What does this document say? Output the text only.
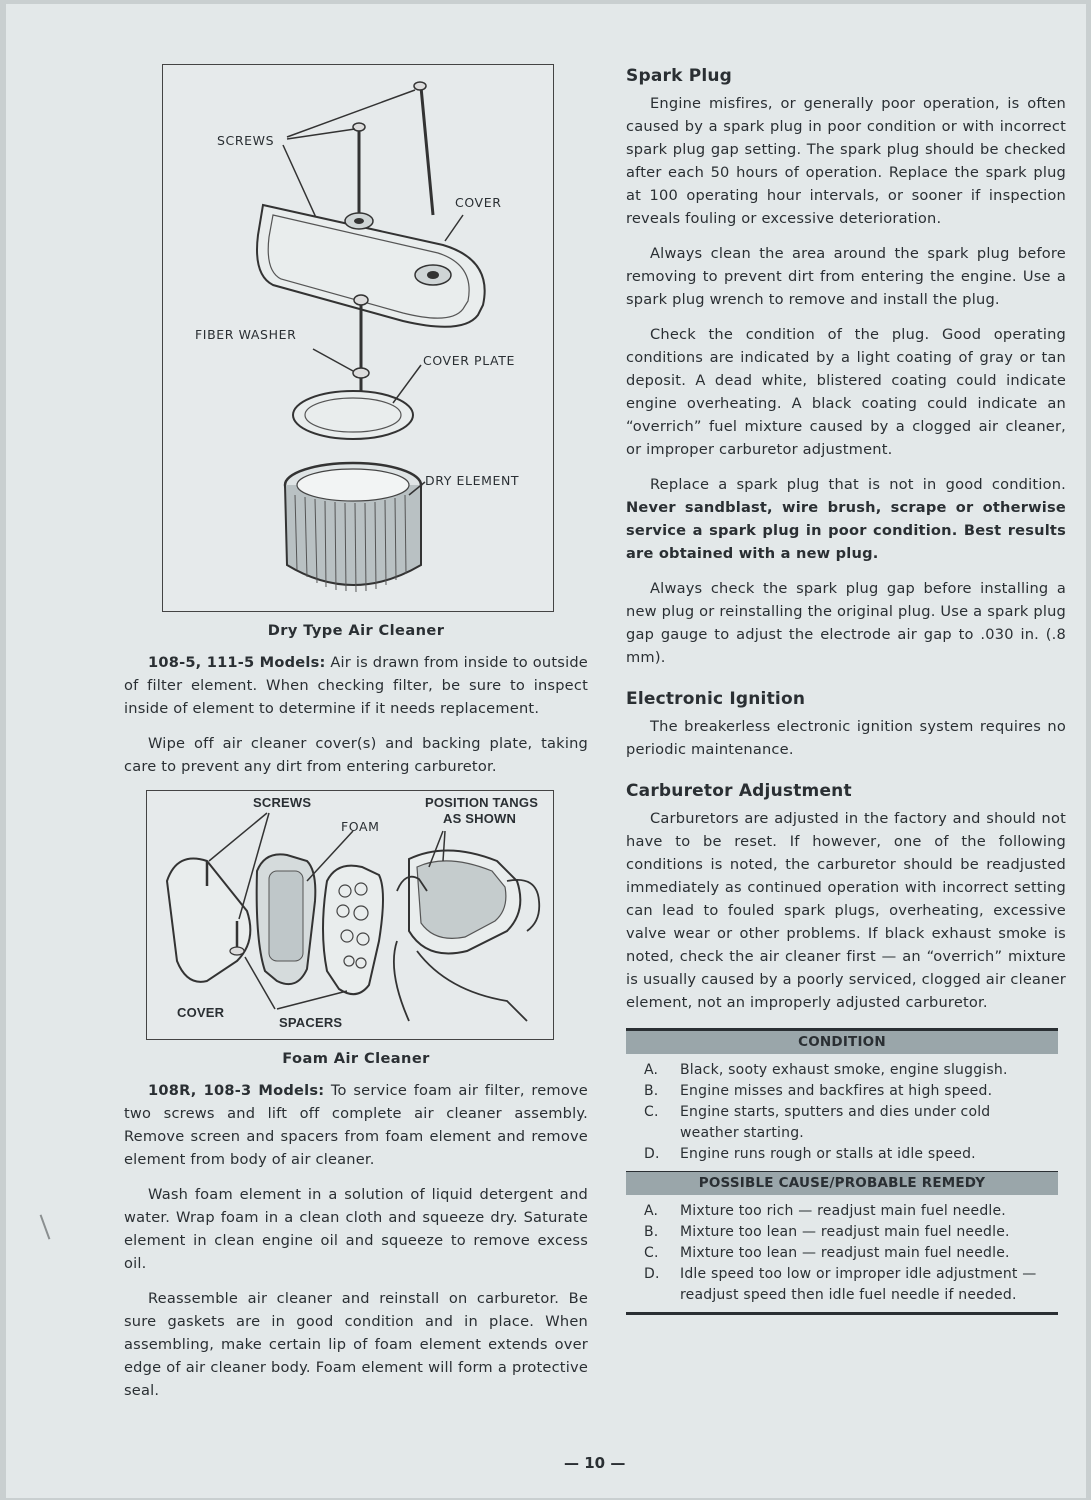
SCREWS
COVER
FIBER WASHER
COVER PLATE
DRY ELEMENT
Dry Type Air Cleaner

108-5, 111-5 Models: Air is drawn from inside to outside of filter element. When checking filter, be sure to inspect inside of element to determine if it needs replacement.

Wipe off air cleaner cover(s) and backing plate, taking care to prevent any dirt from entering carburetor.

SCREWS
FOAM
POSITION TANGS
AS SHOWN
COVER
SPACERS
Foam Air Cleaner

108R, 108-3 Models: To service foam air filter, remove two screws and lift off complete air cleaner assembly. Remove screen and spacers from foam element and remove element from body of air cleaner.

Wash foam element in a solution of liquid detergent and water. Wrap foam in a clean cloth and squeeze dry. Saturate element in clean engine oil and squeeze to remove excess oil.

Reassemble air cleaner and reinstall on carburetor. Be sure gaskets are in good condition and in place. When assembling, make certain lip of foam element extends over edge of air cleaner body. Foam element will form a protective seal.

Spark Plug

Engine misfires, or generally poor operation, is often caused by a spark plug in poor condition or with incorrect spark plug gap setting. The spark plug should be checked after each 50 hours of operation. Replace the spark plug at 100 operating hour intervals, or sooner if inspection reveals fouling or excessive deterioration.

Always clean the area around the spark plug before removing to prevent dirt from entering the engine. Use a spark plug wrench to remove and install the plug.

Check the condition of the plug. Good operating conditions are indicated by a light coating of gray or tan deposit. A dead white, blistered coating could indicate engine overheating. A black coating could indicate an “overrich” fuel mixture caused by a clogged air cleaner, or improper carburetor adjustment.

Replace a spark plug that is not in good condition. Never sandblast, wire brush, scrape or otherwise service a spark plug in poor condition. Best results are obtained with a new plug.

Always check the spark plug gap before installing a new plug or reinstalling the original plug. Use a spark plug gap gauge to adjust the electrode air gap to .030 in. (.8 mm).

Electronic Ignition

The breakerless electronic ignition system requires no periodic maintenance.

Carburetor Adjustment

Carburetors are adjusted in the factory and should not have to be reset. If however, one of the following conditions is noted, the carburetor should be readjusted immediately as continued operation with incorrect setting can lead to fouled spark plugs, overheating, excessive valve wear or other problems. If black exhaust smoke is noted, check the air cleaner first — an “overrich” mixture is usually caused by a poorly serviced, clogged air cleaner element, not an improperly adjusted carburetor.

CONDITION
A.	Black, sooty exhaust smoke, engine sluggish.
B.	Engine misses and backfires at high speed.
C.	Engine starts, sputters and dies under cold weather starting.
D.	Engine runs rough or stalls at idle speed.
POSSIBLE CAUSE/PROBABLE REMEDY
A.	Mixture too rich — readjust main fuel needle.
B.	Mixture too lean — readjust main fuel needle.
C.	Mixture too lean — readjust main fuel needle.
D.	Idle speed too low or improper idle adjustment — readjust speed then idle fuel needle if needed.
— 10 —
